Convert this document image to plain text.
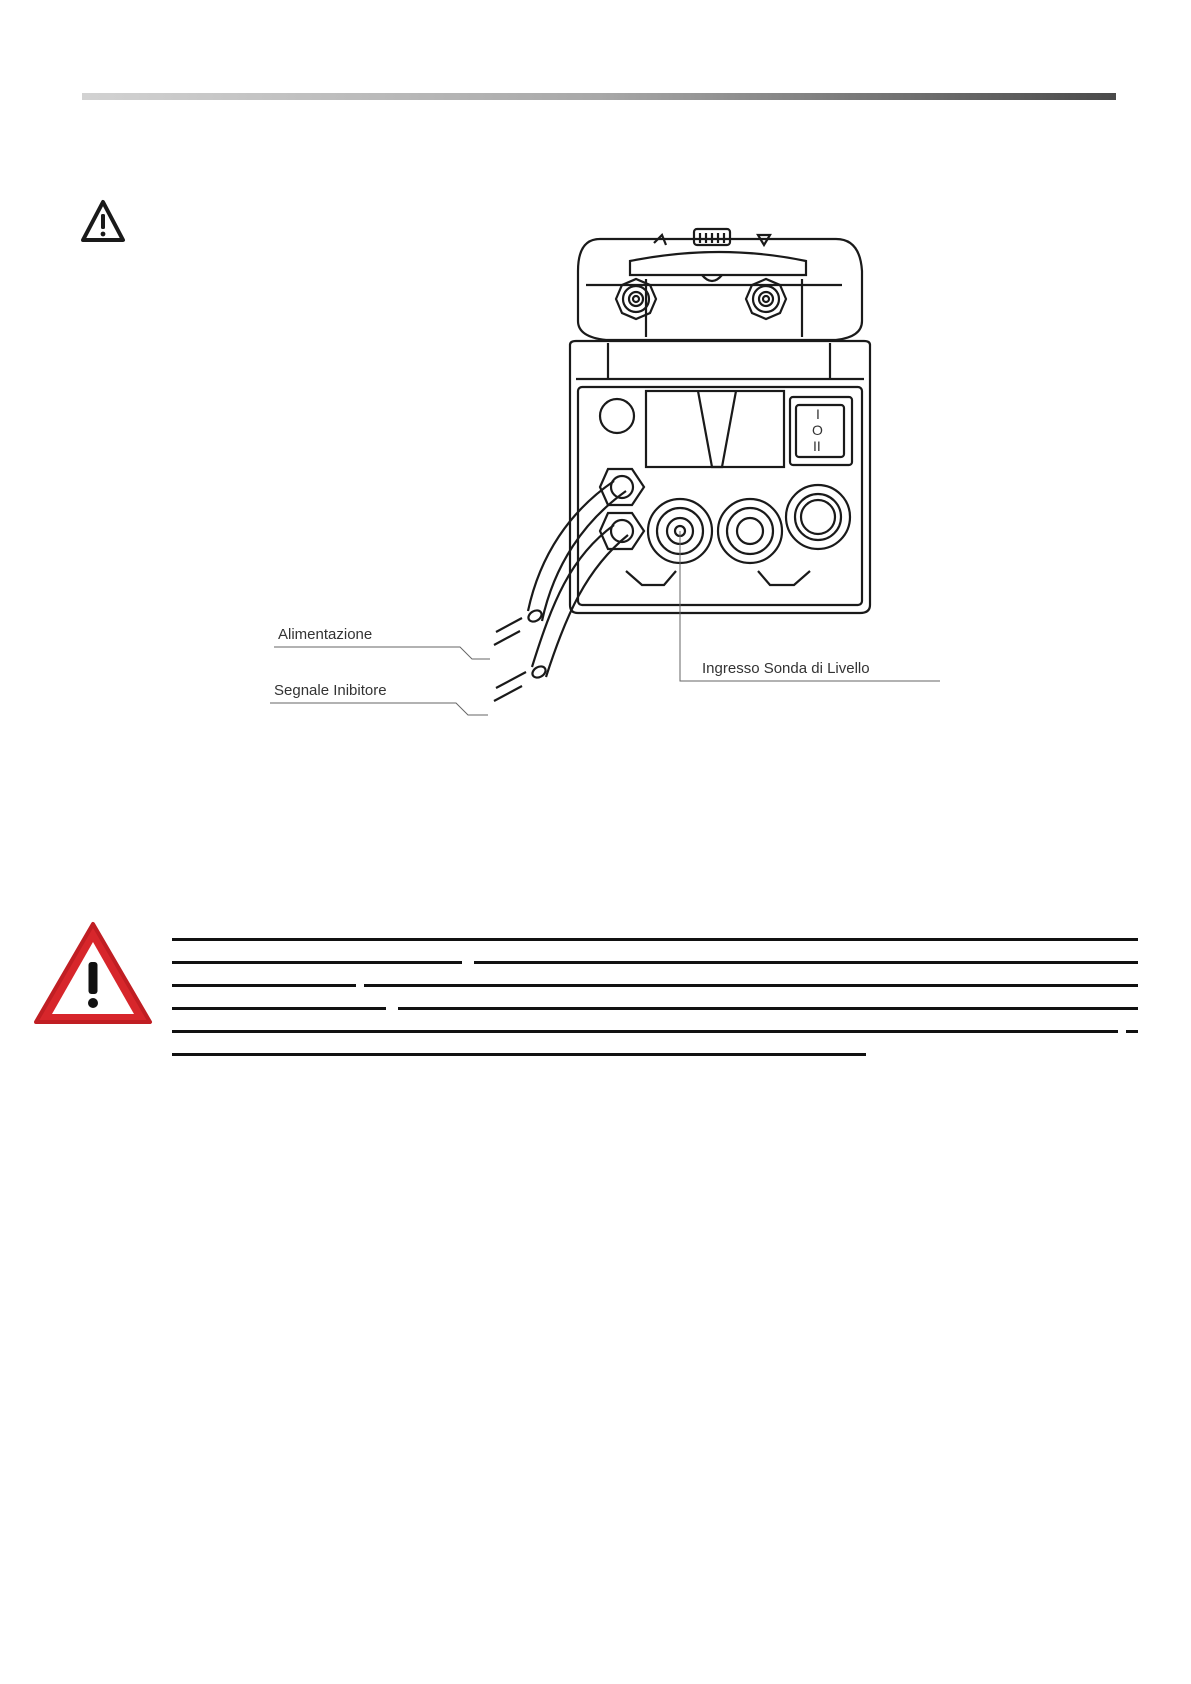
Alimentazione
Segnale Inibitore
Ingresso Sonda di Livello
I
O
II
